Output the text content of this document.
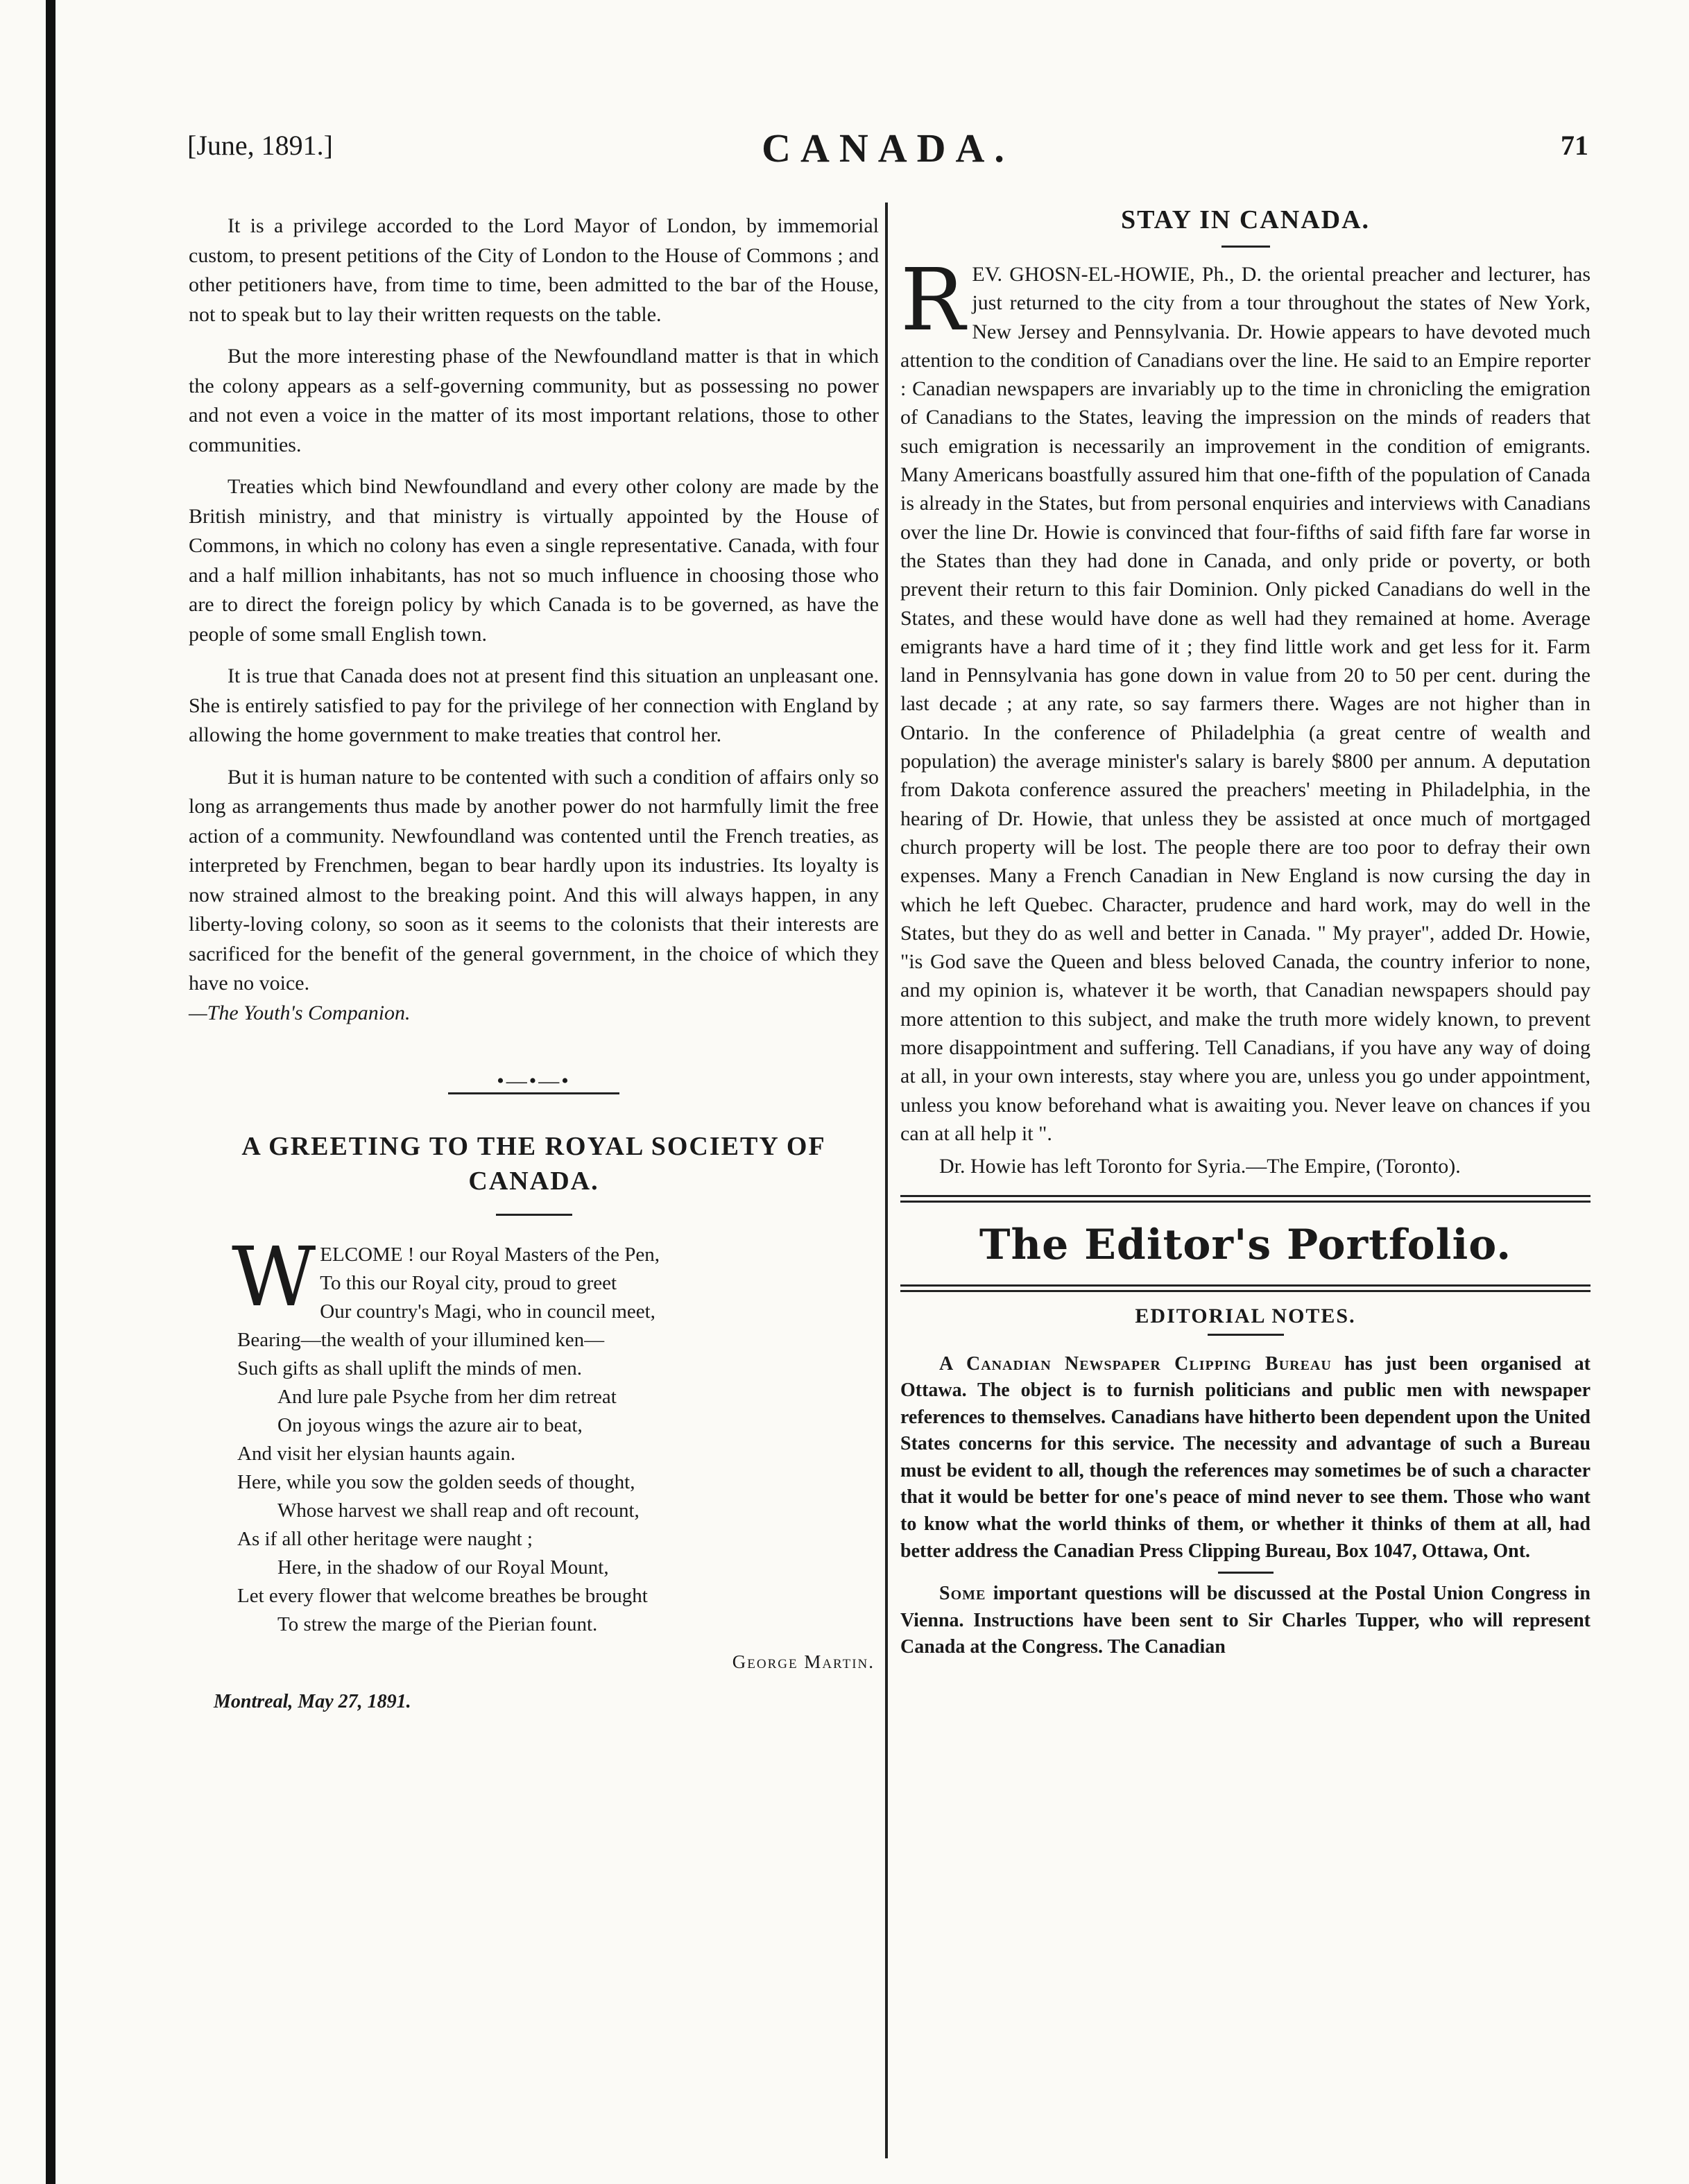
[June, 1891.]	CANADA.	71

It is a privilege accorded to the Lord Mayor of London, by immemorial custom, to present petitions of the City of London to the House of Commons ; and other petitioners have, from time to time, been admitted to the bar of the House, not to speak but to lay their written requests on the table.

But the more interesting phase of the Newfoundland matter is that in which the colony appears as a self-governing community, but as possessing no power and not even a voice in the matter of its most important relations, those to other communities.

Treaties which bind Newfoundland and every other colony are made by the British ministry, and that ministry is virtually appointed by the House of Commons, in which no colony has even a single representative. Canada, with four and a half million inhabitants, has not so much influence in choosing those who are to direct the foreign policy by which Canada is to be governed, as have the people of some small English town.

It is true that Canada does not at present find this situation an unpleasant one. She is entirely satisfied to pay for the privilege of her connection with England by allowing the home government to make treaties that control her.

But it is human nature to be contented with such a condition of affairs only so long as arrangements thus made by another power do not harmfully limit the free action of a community. Newfoundland was contented until the French treaties, as interpreted by Frenchmen, began to bear hardly upon its industries. Its loyalty is now strained almost to the breaking point. And this will always happen, in any liberty-loving colony, so soon as it seems to the colonists that their interests are sacrificed for the benefit of the general government, in the choice of which they have no voice.

—The Youth's Companion.
•—•—•
A GREETING TO THE ROYAL SOCIETY OF CANADA.
W ELCOME ! our Royal Masters of the Pen,
To this our Royal city, proud to greet
Our country's Magi, who in council meet,
Bearing—the wealth of your illumined ken—
Such gifts as shall uplift the minds of men.
And lure pale Psyche from her dim retreat
On joyous wings the azure air to beat,
And visit her elysian haunts again.
Here, while you sow the golden seeds of thought,
Whose harvest we shall reap and oft recount,
As if all other heritage were naught ;
Here, in the shadow of our Royal Mount,
Let every flower that welcome breathes be brought
To strew the marge of the Pierian fount.
George Martin.
Montreal, May 27, 1891.
STAY IN CANADA.

REV. GHOSN-EL-HOWIE, Ph., D. the oriental preacher and lecturer, has just returned to the city from a tour throughout the states of New York, New Jersey and Pennsylvania. Dr. Howie appears to have devoted much attention to the condition of Canadians over the line. He said to an Empire reporter : Canadian newspapers are invariably up to the time in chronicling the emigration of Canadians to the States, leaving the impression on the minds of readers that such emigration is necessarily an improvement in the condition of emigrants. Many Americans boastfully assured him that one-fifth of the population of Canada is already in the States, but from personal enquiries and interviews with Canadians over the line Dr. Howie is convinced that four-fifths of said fifth fare far worse in the States than they had done in Canada, and only pride or poverty, or both prevent their return to this fair Dominion. Only picked Canadians do well in the States, and these would have done as well had they remained at home. Average emigrants have a hard time of it ; they find little work and get less for it. Farm land in Pennsylvania has gone down in value from 20 to 50 per cent. during the last decade ; at any rate, so say farmers there. Wages are not higher than in Ontario. In the conference of Philadelphia (a great centre of wealth and population) the average minister's salary is barely $800 per annum. A deputation from Dakota conference assured the preachers' meeting in Philadelphia, in the hearing of Dr. Howie, that unless they be assisted at once much of mortgaged church property will be lost. The people there are too poor to defray their own expenses. Many a French Canadian in New England is now cursing the day in which he left Quebec. Character, prudence and hard work, may do well in the States, but they do as well and better in Canada. " My prayer", added Dr. Howie, "is God save the Queen and bless beloved Canada, the country inferior to none, and my opinion is, whatever it be worth, that Canadian newspapers should pay more attention to this subject, and make the truth more widely known, to prevent more disappointment and suffering. Tell Canadians, if you have any way of doing at all, in your own interests, stay where you are, unless you go under appointment, unless you know beforehand what is awaiting you. Never leave on chances if you can at all help it ".

Dr. Howie has left Toronto for Syria.—The Empire, (Toronto).

The Editor's Portfolio.
EDITORIAL NOTES.

A Canadian Newspaper Clipping Bureau has just been organised at Ottawa. The object is to furnish politicians and public men with newspaper references to themselves. Canadians have hitherto been dependent upon the United States concerns for this service. The necessity and advantage of such a Bureau must be evident to all, though the references may sometimes be of such a character that it would be better for one's peace of mind never to see them. Those who want to know what the world thinks of them, or whether it thinks of them at all, had better address the Canadian Press Clipping Bureau, Box 1047, Ottawa, Ont.

Some important questions will be discussed at the Postal Union Congress in Vienna. Instructions have been sent to Sir Charles Tupper, who will represent Canada at the Congress. The Canadian
